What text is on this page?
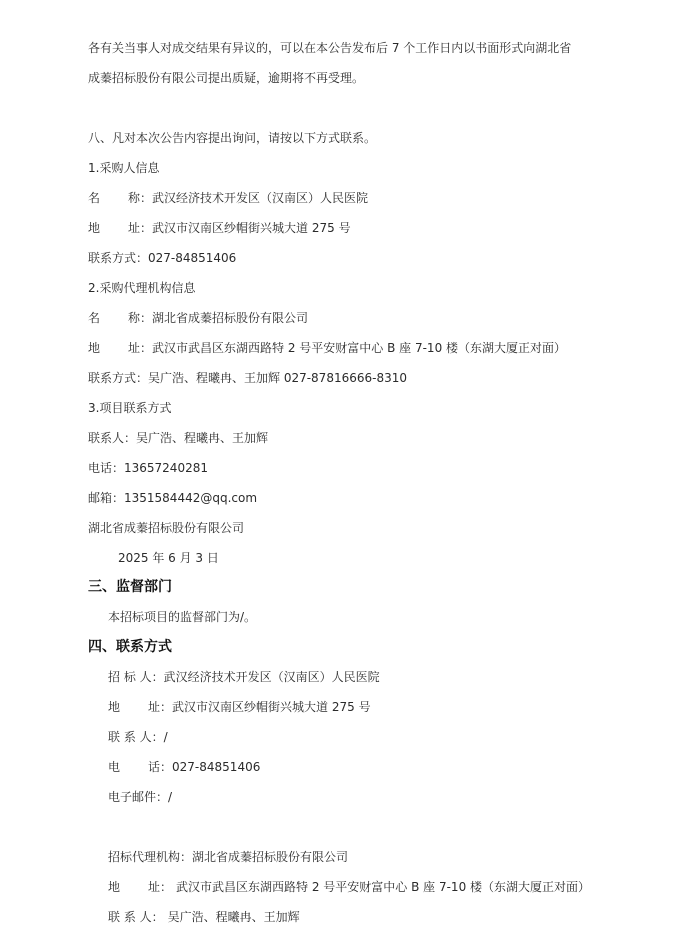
各有关当事人对成交结果有异议的，可以在本公告发布后 7 个工作日内以书面形式向湖北省
成蓁招标股份有限公司提出质疑，逾期将不再受理。
八、凡对本次公告内容提出询问，请按以下方式联系。
1.采购人信息
名 称：武汉经济技术开发区（汉南区）人民医院
地 址：武汉市汉南区纱帽街兴城大道 275 号
联系方式：027-84851406
2.采购代理机构信息
名 称：湖北省成蓁招标股份有限公司
地 址：武汉市武昌区东湖西路特 2 号平安财富中心 B 座 7-10 楼（东湖大厦正对面）
联系方式：吴广浩、程曦冉、王加辉 027-87816666-8310
3.项目联系方式
联系人：吴广浩、程曦冉、王加辉
电话：13657240281
邮箱：1351584442@qq.com
湖北省成蓁招标股份有限公司
2025 年 6 月 3 日
三、监督部门
本招标项目的监督部门为/。
四、联系方式
招 标 人：武汉经济技术开发区（汉南区）人民医院
地 址：武汉市汉南区纱帽街兴城大道 275 号
联 系 人：/
电 话：027-84851406
电子邮件：/
招标代理机构：湖北省成蓁招标股份有限公司
地 址： 武汉市武昌区东湖西路特 2 号平安财富中心 B 座 7-10 楼（东湖大厦正对面）
联 系 人： 吴广浩、程曦冉、王加辉
